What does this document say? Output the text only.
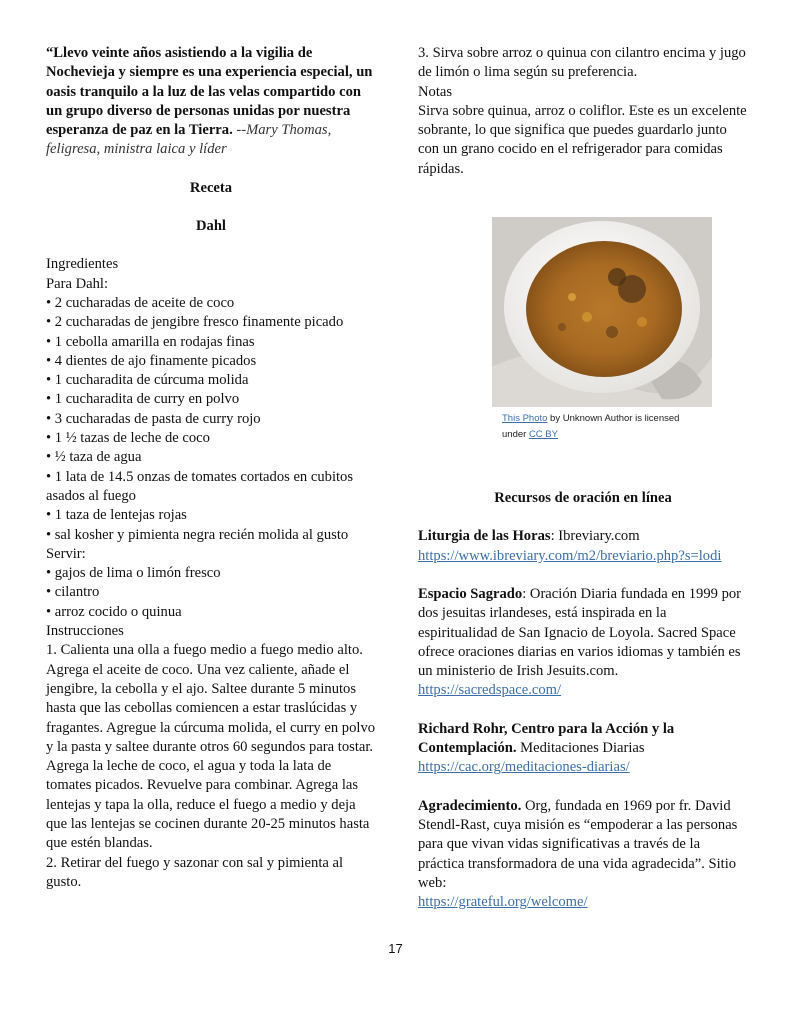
“Llevo veinte años asistiendo a la vigilia de Nochevieja y siempre es una experiencia especial, un oasis tranquilo a la luz de las velas compartido con un grupo diverso de personas unidas por nuestra esperanza de paz en la Tierra. --Mary Thomas, feligresa, ministra laica y líder

Receta

Dahl

Ingredientes

Para Dahl:

• 2 cucharadas de aceite de coco

• 2 cucharadas de jengibre fresco finamente picado

• 1 cebolla amarilla en rodajas finas

• 4 dientes de ajo finamente picados

• 1 cucharadita de cúrcuma molida

• 1 cucharadita de curry en polvo

• 3 cucharadas de pasta de curry rojo

• 1 ½ tazas de leche de coco

• ½ taza de agua

• 1 lata de 14.5 onzas de tomates cortados en cubitos asados al fuego

• 1 taza de lentejas rojas

• sal kosher y pimienta negra recién molida al gusto

Servir:

• gajos de lima o limón fresco

• cilantro

• arroz cocido o quinua

Instrucciones

1. Calienta una olla a fuego medio a fuego medio alto. Agrega el aceite de coco. Una vez caliente, añade el jengibre, la cebolla y el ajo. Saltee durante 5 minutos hasta que las cebollas comiencen a estar traslúcidas y fragantes. Agregue la cúrcuma molida, el curry en polvo y la pasta y saltee durante otros 60 segundos para tostar. Agrega la leche de coco, el agua y toda la lata de tomates picados. Revuelve para combinar. Agrega las lentejas y tapa la olla, reduce el fuego a medio y deja que las lentejas se cocinen durante 20-25 minutos hasta que estén blandas.

2. Retirar del fuego y sazonar con sal y pimienta al gusto.

3. Sirva sobre arroz o quinua con cilantro encima y jugo de limón o lima según su preferencia.

Notas

Sirva sobre quinua, arroz o coliflor. Este es un excelente sobrante, lo que significa que puedes guardarlo junto con un grano cocido en el refrigerador para comidas rápidas.

This Photo by Unknown Author is licensed under CC BY

Recursos de oración en línea

Liturgia de las Horas: Ibreviary.com

https://www.ibreviary.com/m2/breviario.php?s=lodi

Espacio Sagrado: Oración Diaria fundada en 1999 por dos jesuitas irlandeses, está inspirada en la espiritualidad de San Ignacio de Loyola. Sacred Space ofrece oraciones diarias en varios idiomas y también es un ministerio de Irish Jesuits.com.

https://sacredspace.com/

Richard Rohr, Centro para la Acción y la Contemplación. Meditaciones Diarias

https://cac.org/meditaciones-diarias/

Agradecimiento. Org, fundada en 1969 por fr. David Stendl-Rast, cuya misión es “empoderar a las personas para que vivan vidas significativas a través de la práctica transformadora de una vida agradecida”. Sitio web:

https://grateful.org/welcome/

17
